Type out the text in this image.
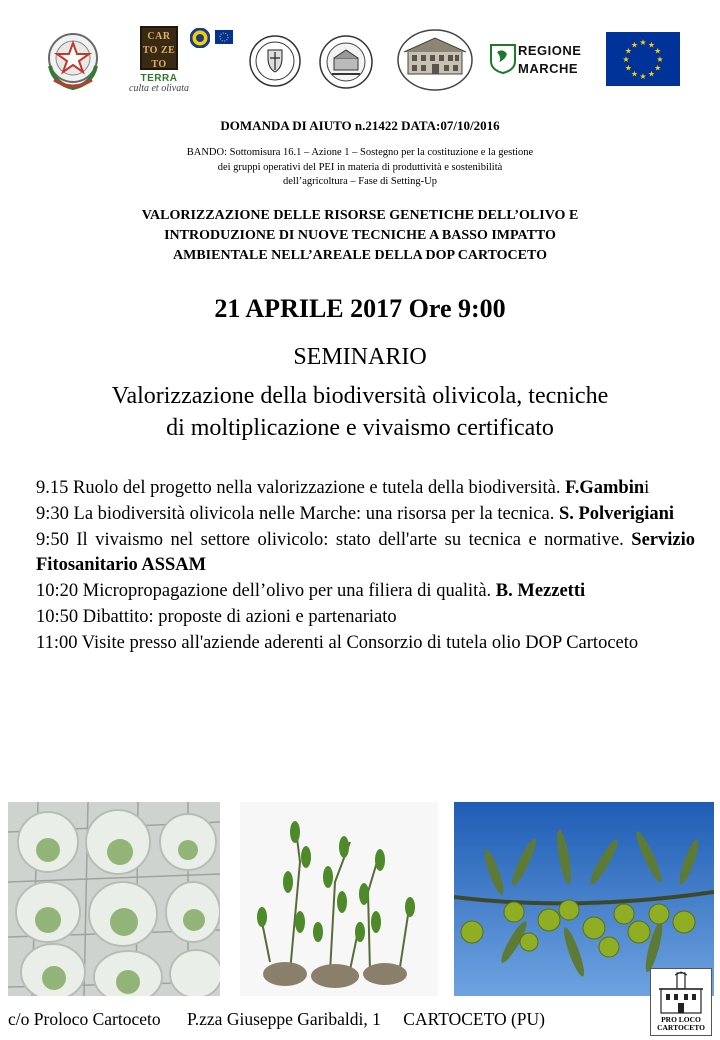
CAR TO ZE TO
TERRA
culta et olivata
REGIONE
MARCHE
★ ★
★
★
★
★
★
★
★
★
★
★
DOMANDA DI AIUTO n.21422 DATA:07/10/2016
BANDO: Sottomisura 16.1 – Azione 1 – Sostegno per la costituzione e la gestione
dei gruppi operativi del PEI in materia di produttività e sostenibilità
dell’agricoltura – Fase di Setting-Up
VALORIZZAZIONE DELLE RISORSE GENETICHE DELL’OLIVO E
INTRODUZIONE DI NUOVE TECNICHE A BASSO IMPATTO
AMBIENTALE NELL’AREALE DELLA DOP CARTOCETO
21 APRILE 2017 Ore 9:00
SEMINARIO
Valorizzazione della biodiversità olivicola, tecniche
di moltiplicazione e vivaismo certificato
9.15 Ruolo del progetto nella valorizzazione e tutela della biodiversità. F.Gambini
9:30 La biodiversità olivicola nelle Marche: una risorsa per la tecnica. S. Polverigiani
9:50 Il vivaismo nel settore olivicolo: stato dell'arte su tecnica e normative. Servizio Fitosanitario ASSAM
10:20 Micropropagazione dell’olivo per una filiera di qualità. B. Mezzetti
10:50 Dibattito: proposte di azioni e partenariato
11:00 Visite presso all'aziende aderenti al Consorzio di tutela olio DOP Cartoceto
c/o Proloco Cartoceto P.zza Giuseppe Garibaldi, 1 CARTOCETO (PU)	PRO LOCO
CARTOCETO
